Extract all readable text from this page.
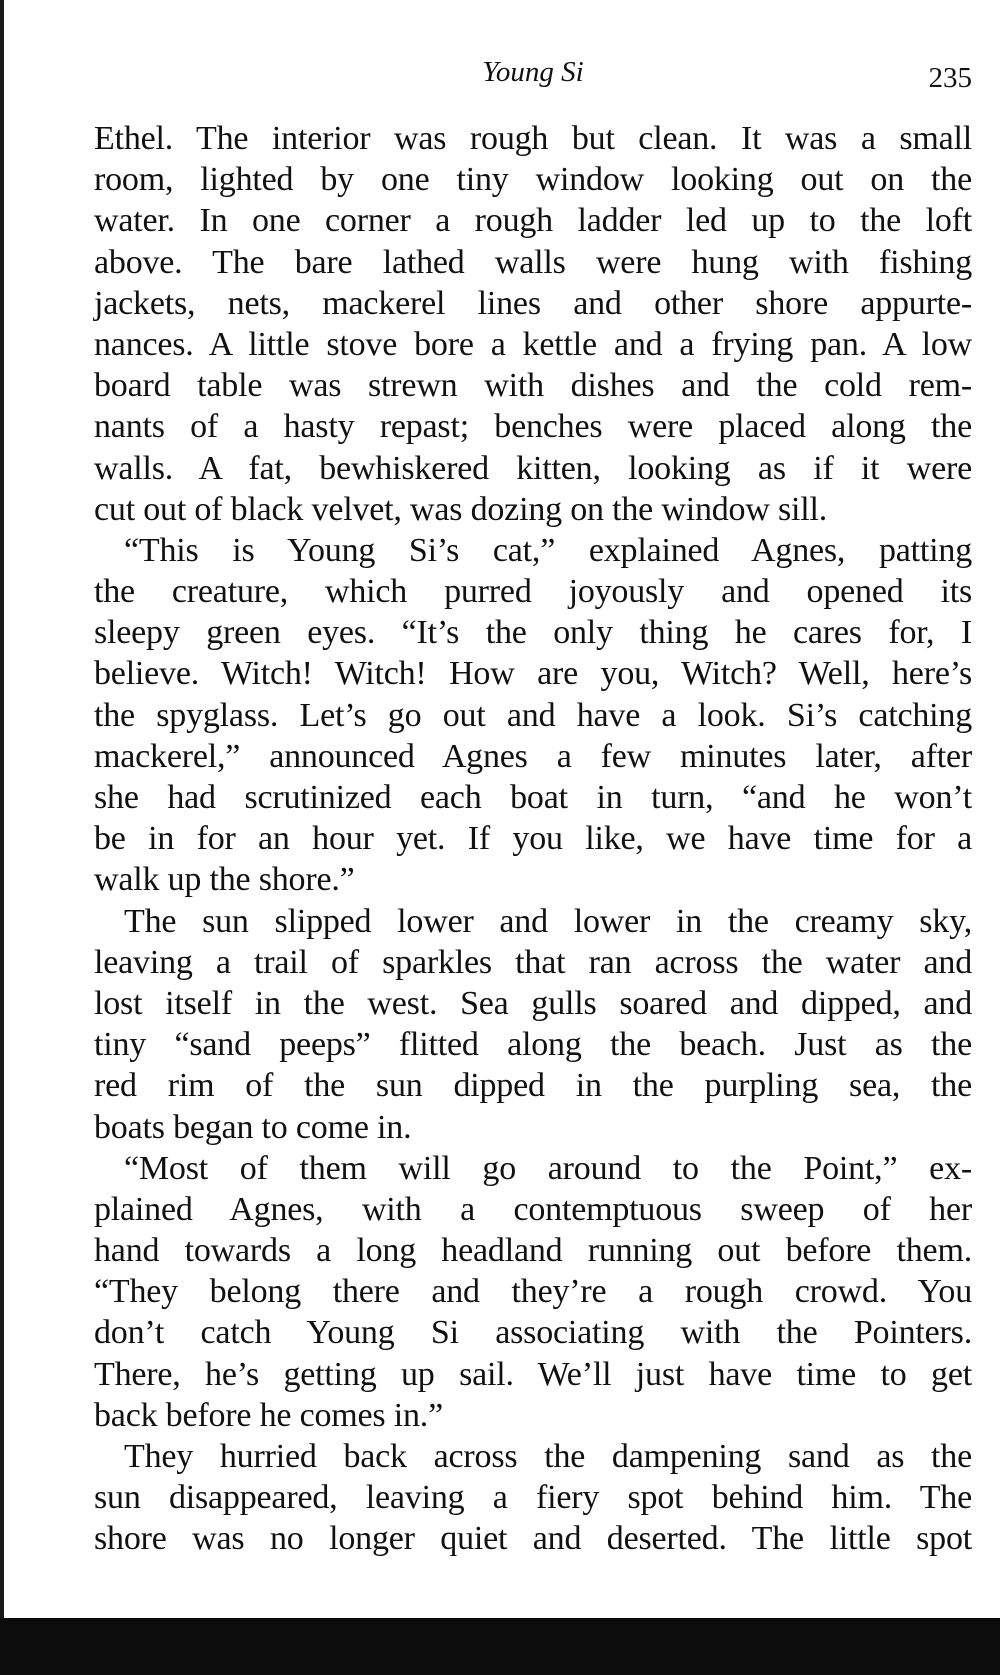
Young Si	235
Ethel. The interior was rough but clean. It was a small
room, lighted by one tiny window looking out on the
water. In one corner a rough ladder led up to the loft
above. The bare lathed walls were hung with fishing
jackets, nets, mackerel lines and other shore appurte-
nances. A little stove bore a kettle and a frying pan. A low
board table was strewn with dishes and the cold rem-
nants of a hasty repast; benches were placed along the
walls. A fat, bewhiskered kitten, looking as if it were
cut out of black velvet, was dozing on the window sill.
“This is Young Si’s cat,” explained Agnes, patting
the creature, which purred joyously and opened its
sleepy green eyes. “It’s the only thing he cares for, I
believe. Witch! Witch! How are you, Witch? Well, here’s
the spyglass. Let’s go out and have a look. Si’s catching
mackerel,” announced Agnes a few minutes later, after
she had scrutinized each boat in turn, “and he won’t
be in for an hour yet. If you like, we have time for a
walk up the shore.”
The sun slipped lower and lower in the creamy sky,
leaving a trail of sparkles that ran across the water and
lost itself in the west. Sea gulls soared and dipped, and
tiny “sand peeps” flitted along the beach. Just as the
red rim of the sun dipped in the purpling sea, the
boats began to come in.
“Most of them will go around to the Point,” ex-
plained Agnes, with a contemptuous sweep of her
hand towards a long headland running out before them.
“They belong there and they’re a rough crowd. You
don’t catch Young Si associating with the Pointers.
There, he’s getting up sail. We’ll just have time to get
back before he comes in.”
They hurried back across the dampening sand as the
sun disappeared, leaving a fiery spot behind him. The
shore was no longer quiet and deserted. The little spot
